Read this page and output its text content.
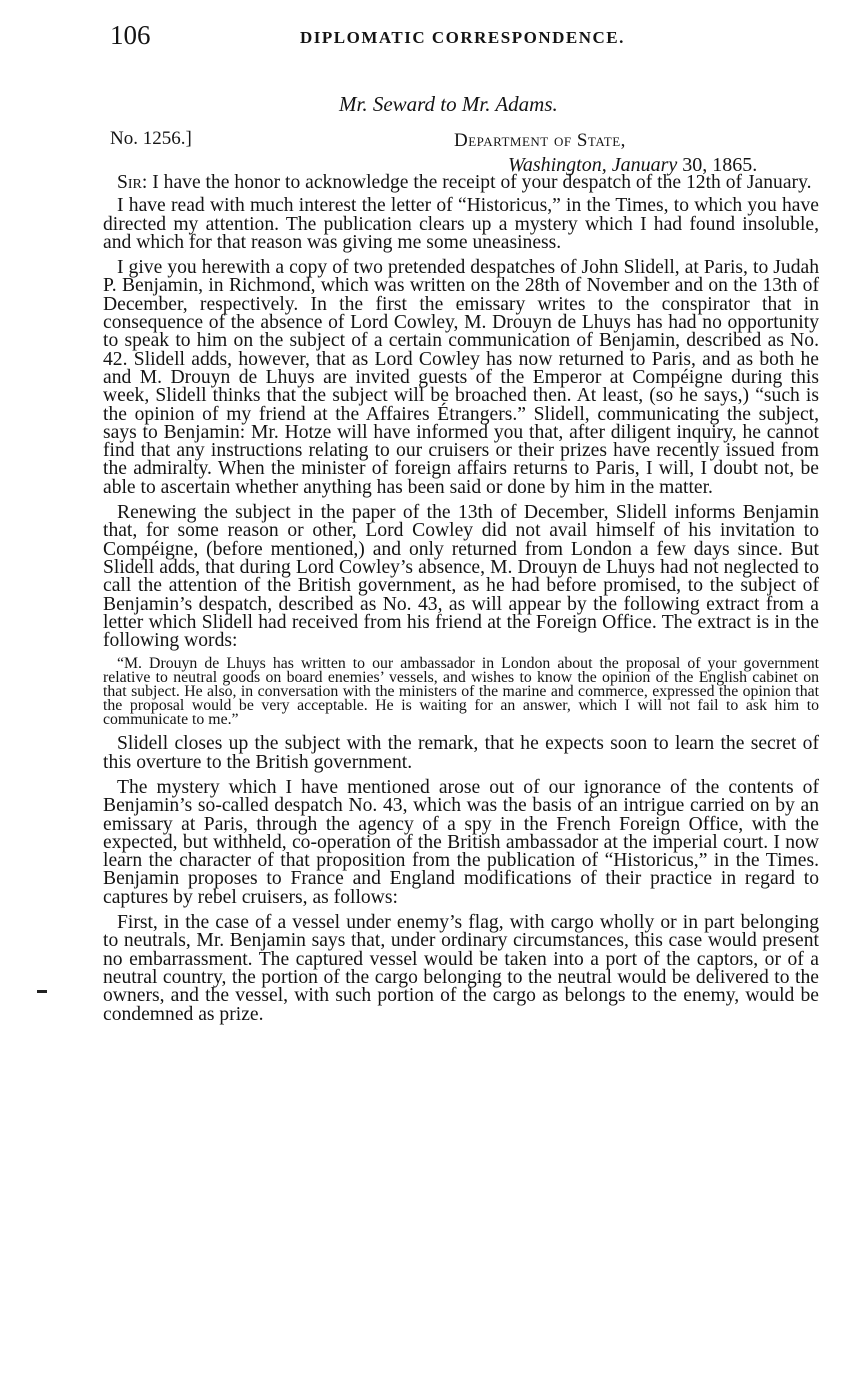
106	DIPLOMATIC CORRESPONDENCE.
Mr. Seward to Mr. Adams.
No. 1256.]	Department of State,
Washington, January 30, 1865.

Sir: I have the honor to acknowledge the receipt of your despatch of the 12th of January.

I have read with much interest the letter of “Historicus,” in the Times, to which you have directed my attention. The publication clears up a mystery which I had found insoluble, and which for that reason was giving me some uneasiness.

I give you herewith a copy of two pretended despatches of John Slidell, at Paris, to Judah P. Benjamin, in Richmond, which was written on the 28th of November and on the 13th of December, respectively. In the first the emissary writes to the conspirator that in consequence of the absence of Lord Cowley, M. Drouyn de Lhuys has had no opportunity to speak to him on the subject of a certain communication of Benjamin, described as No. 42. Slidell adds, however, that as Lord Cowley has now returned to Paris, and as both he and M. Drouyn de Lhuys are invited guests of the Emperor at Compéigne during this week, Slidell thinks that the subject will be broached then. At least, (so he says,) “such is the opinion of my friend at the Affaires Étrangers.” Slidell, communicating the subject, says to Benjamin: Mr. Hotze will have informed you that, after diligent inquiry, he cannot find that any instructions relating to our cruisers or their prizes have recently issued from the admiralty. When the minister of foreign affairs returns to Paris, I will, I doubt not, be able to ascertain whether anything has been said or done by him in the matter.

Renewing the subject in the paper of the 13th of December, Slidell informs Benjamin that, for some reason or other, Lord Cowley did not avail himself of his invitation to Compéigne, (before mentioned,) and only returned from London a few days since. But Slidell adds, that during Lord Cowley’s absence, M. Drouyn de Lhuys had not neglected to call the attention of the British government, as he had before promised, to the subject of Benjamin’s despatch, described as No. 43, as will appear by the following extract from a letter which Slidell had received from his friend at the Foreign Office. The extract is in the following words:

“M. Drouyn de Lhuys has written to our ambassador in London about the proposal of your government relative to neutral goods on board enemies’ vessels, and wishes to know the opinion of the English cabinet on that subject. He also, in conversation with the ministers of the marine and commerce, expressed the opinion that the proposal would be very acceptable. He is waiting for an answer, which I will not fail to ask him to communicate to me.”

Slidell closes up the subject with the remark, that he expects soon to learn the secret of this overture to the British government.

The mystery which I have mentioned arose out of our ignorance of the contents of Benjamin’s so-called despatch No. 43, which was the basis of an intrigue carried on by an emissary at Paris, through the agency of a spy in the French Foreign Office, with the expected, but withheld, co-operation of the British ambassador at the imperial court. I now learn the character of that proposition from the publication of “Historicus,” in the Times. Benjamin proposes to France and England modifications of their practice in regard to captures by rebel cruisers, as follows:

First, in the case of a vessel under enemy’s flag, with cargo wholly or in part belonging to neutrals, Mr. Benjamin says that, under ordinary circumstances, this case would present no embarrassment. The captured vessel would be taken into a port of the captors, or of a neutral country, the portion of the cargo belonging to the neutral would be delivered to the owners, and the vessel, with such portion of the cargo as belongs to the enemy, would be condemned as prize.
